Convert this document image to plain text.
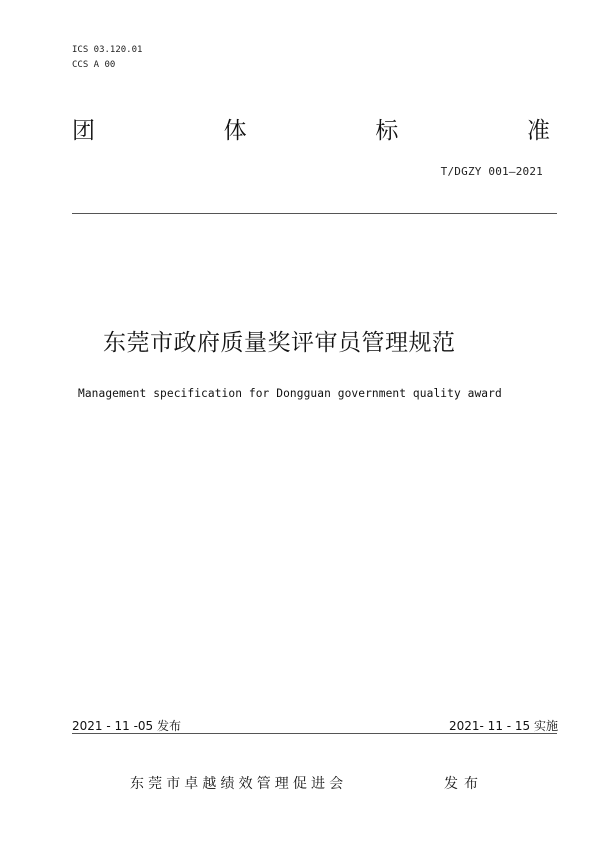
ICS 03.120.01
CCS A 00
团	体	标	准
T/DGZY 001—2021
东莞市政府质量奖评审员管理规范
Management specification for Dongguan government quality award
2021 - 11 -05 发布	2021- 11 - 15 实施
东莞市卓越绩效管理促进会	发布
